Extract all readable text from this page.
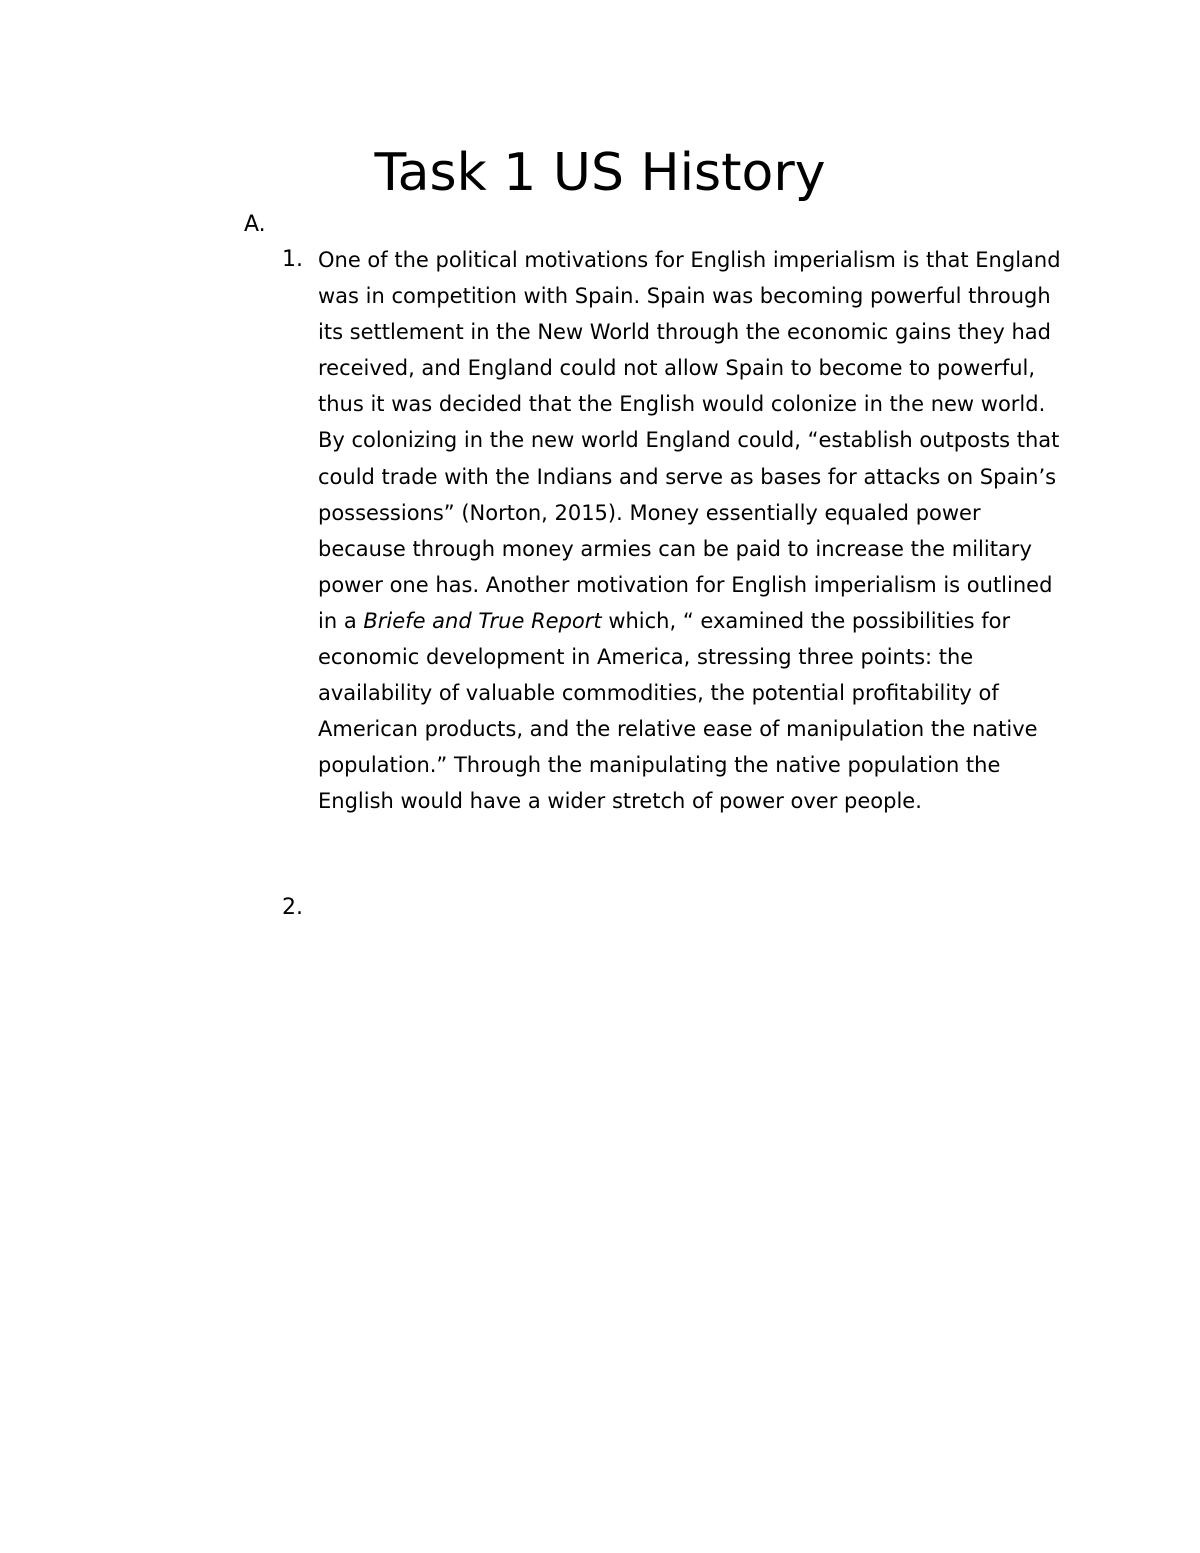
Task 1 US History
A.
1. One of the political motivations for English imperialism is that England was in competition with Spain. Spain was becoming powerful through its settlement in the New World through the economic gains they had received, and England could not allow Spain to become to powerful, thus it was decided that the English would colonize in the new world. By colonizing in the new world England could, “establish outposts that could trade with the Indians and serve as bases for attacks on Spain’s possessions” (Norton, 2015). Money essentially equaled power because through money armies can be paid to increase the military power one has. Another motivation for English imperialism is outlined in a Briefe and True Report which, “ examined the possibilities for economic development in America, stressing three points: the availability of valuable commodities, the potential profitability of American products, and the relative ease of manipulation the native population.” Through the manipulating the native population the English would have a wider stretch of power over people.

2.
